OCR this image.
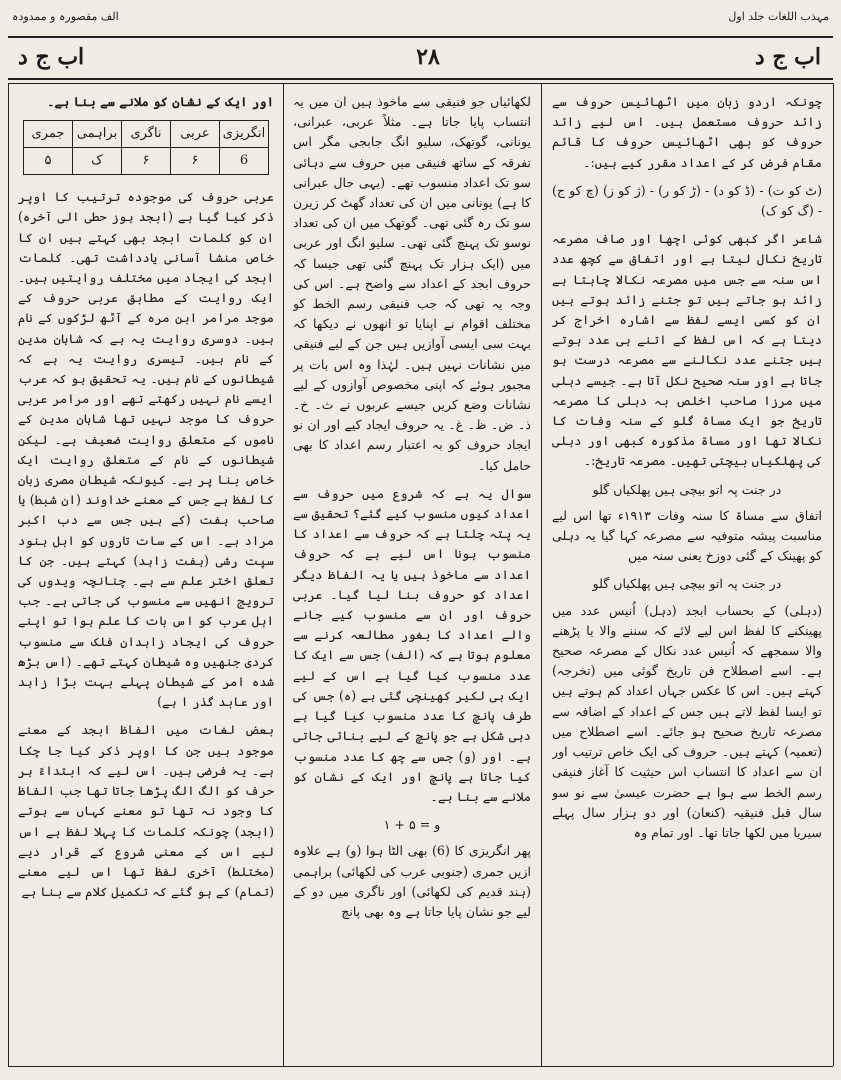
الف مقصورہ و ممدودہ	مہذب اللغات جلد اول
اب ج د	۲۸	اب ج د

چونکہ اردو زبان میں اٹھائیس حروف سے زائد حروف مستعمل ہیں۔ اس لیے زائد حروف کو بھی اٹھائیس حروف کا قائم مقام فرض کر کے اعداد مقرر کیے ہیں:۔

(ٹ کو ت) - (ڈ کو د) - (ڑ کو ر) - (ژ کو ز) (چ کو ج) - (گ کو ک)

شاعر اگر کبھی کوئی اچھا اور صاف مصرعہ تاریخ نکال لیتا ہے اور اتفاق سے کچھ عدد اس سنہ سے جس میں مصرعہ نکالا چاہتا ہے زائد ہو جاتے ہیں تو جتنے زائد ہوتے ہیں ان کو کسی ایسے لفظ سے اشارہ اخراج کر دیتا ہے کہ اس لفظ کے اتنے ہی عدد ہوتے ہیں جتنے عدد نکالنے سے مصرعہ درست ہو جاتا ہے اور سنہ صحیح نکل آتا ہے۔ جیسے دہلی میں مرزا صاحب اخلص بہ دہلی کا مصرعہ تاریخ جو ایک مساۃ گلو کے سنہ وفات کا نکالا تھا اور مساۃ مذکورہ کبھی اور دہلی کی پھلکیاں بیچتی تھیں۔ مصرعہ تاریخ:۔

در جنت پہ اتو بیچی ہیں پھلکیاں گلو

اتفاق سے مساۃ کا سنہ وفات ۱۹۱۳ء تھا اس لیے مناسبت پیشہ متوفیہ سے مصرعہ کہا گیا یہ دہلی کو پھینک کے گئی دوزخ یعنی سنہ میں

در جنت پہ اتو بیچی ہیں پھلکیاں گلو

(دہلی) کے بحساب ابجد (دہل) اُنیس عدد میں پھینکنے کا لفظ اس لیے لائے کہ سننے والا یا پڑھنے والا سمجھے کہ اُنیس عدد نکال کے مصرعہ صحیح ہے۔ اسے اصطلاح فن تاریخ گوئی میں (تخرجہ) کہتے ہیں۔ اس کا عکس جہاں اعداد کم ہوتے ہیں تو ایسا لفظ لاتے ہیں جس کے اعداد کے اضافہ سے مصرعہ تاریخ صحیح ہو جائے۔ اسے اصطلاح میں (تعمیہ) کہتے ہیں۔ حروف کی ایک خاص ترتیب اور ان سے اعداد کا انتساب اس حیثیت کا آغاز فنیقی رسم الخط سے ہوا ہے حضرت عیسیٰ سے نو سو سال قبل فنیقیہ (کنعان) اور دو ہزار سال پہلے سیریا میں لکھا جاتا تھا۔ اور تمام وہ

لکھائیاں جو فنیقی سے ماخوذ ہیں ان میں یہ انتساب پایا جاتا ہے۔ مثلاً عربی، عبرانی، یونانی، گوتھک، سلیو انگ جابجی مگر اس تفرقہ کے ساتھ فنیقی میں حروف سے دہائی سو تک اعداد منسوب تھے۔ (یہی حال عبرانی کا ہے) یونانی میں ان کی تعداد گھٹ کر زیرن سو تک رہ گئی تھی۔ گوتھک میں ان کی تعداد نوسو تک پہنچ گئی تھی۔ سلیو انگ اور عربی میں (ایک ہزار تک پہنچ گئی تھی جیسا کہ حروف ابجد کے اعداد سے واضح ہے۔ اس کی وجہ یہ تھی کہ جب فنیقی رسم الخط کو مختلف اقوام نے اپنایا تو انھوں نے دیکھا کہ بہت سی ایسی آوازیں ہیں جن کے لیے فنیقی میں نشانات نہیں ہیں۔ لہٰذا وہ اس بات پر مجبور ہوئے کہ اپنی مخصوص آوازوں کے لیے نشانات وضع کریں جیسے عربوں نے ث۔ خ۔ ذ۔ ض۔ ظ۔ غ۔ یہ حروف ایجاد کیے اور ان نو ایجاد حروف کو بہ اعتبار رسم اعداد کا بھی حامل کیا۔

سوال یہ ہے کہ شروع میں حروف سے اعداد کیوں منسوب کیے گئے؟ تحقیق سے یہ پتہ چلتا ہے کہ حروف سے اعداد کا منسوب ہونا اس لیے ہے کہ حروف اعداد سے ماخوذ ہیں یا یہ الفاظ دیگر اعداد کو حروف بنا لیا گیا۔ عربی حروف اور ان سے منسوب کیے جانے والے اعداد کا بغور مطالعہ کرنے سے معلوم ہوتا ہے کہ (الف) جس سے ایک کا عدد منسوب کیا گیا ہے اس کے لیے ایک ہی لکیر کھینچی گئی ہے (ہ) جس کی طرف پانچ کا عدد منسوب کیا گیا ہے دہی شکل ہے جو پانچ کے لیے بنائی جاتی ہے۔ اور (و) جس سے چھ کا عدد منسوب کیا جاتا ہے پانچ اور ایک کے نشان کو ملانے سے بنا ہے۔

و = ۵ + ۱

پھر انگریزی کا (6) بھی الٹا ہوا (و) ہے علاوہ ازیں جمری (جنوبی عرب کی لکھائی) براہمی (ہند قدیم کی لکھائی) اور ناگری میں دو کے لیے جو نشان پایا جاتا ہے وہ بھی پانچ

اور ایک کے نشان کو ملانے سے بنا ہے۔

انگریزی	عربی	ناگری	براہمی	جمری
6	۶	۶	ک	۵

عربی حروف کی موجودہ ترتیب کا اوپر ذکر کیا گیا ہے (ابجد ہوز حطی الی آخرہ) ان کو کلمات ابجد بھی کہتے ہیں ان کا خاص منشا آسانی یادداشت تھی۔ کلمات ابجد کی ایجاد میں مختلف روایتیں ہیں۔ ایک روایت کے مطابق عربی حروف کے موجد مرامر ابن مرہ کے آٹھ لڑکوں کے نام ہیں۔ دوسری روایت یہ ہے کہ شاہان مدین کے نام ہیں۔ تیسری روایت یہ ہے کہ شیطانوں کے نام ہیں۔ یہ تحقیق ہو کہ عرب ایسے نام نہیں رکھتے تھے اور مرامر عربی حروف کا موجد نہیں تھا شاہان مدین کے ناموں کے متعلق روایت ضعیف ہے۔ لیکن شیطانوں کے نام کے متعلق روایت ایک خاص بنا پر ہے۔ کیونکہ شیطان مصری زبان کا لفظ ہے جس کے معنے خداوند (ان شبط) یا صاحب ہفت (کے ہیں جس سے دب اکبر مراد ہے۔ اس کے سات تاروں کو اہل ہنود سپت رشی (ہفت زاہد) کہتے ہیں۔ جن کا تعلق اختر علم سے ہے۔ چنانچہ ویدوں کی ترویج انھیں سے منسوب کی جاتی ہے۔ جب اہل عرب کو اس بات کا علم ہوا تو اپنے حروف کی ایجاد زاہدان فلک سے منسوب کردی جنھیں وہ شیطان کہتے تھے۔ (اس بڑھ شدہ امر کے شیطان پہلے بہت بڑا زاہد اور عابد گذر ا ہے)

بعض لغات میں الفاظ ابجد کے معنے موجود ہیں جن کا اوپر ذکر کیا جا چکا ہے۔ یہ فرضی ہیں۔ اس لیے کہ ابتداءً ہر حرف کو الگ الگ پڑھا جاتا تھا جب الفاظ کا وجود نہ تھا تو معنے کہاں سے ہوتے (ابجد) چونکہ کلمات کا پہلا لفظ ہے اس لیے اس کے معنی شروع کے قرار دیے (مختلط) آخری لفظ تھا اس لیے معنے (تمام) کے ہو گئے کہ تکمیل کلام سے بنا ہے
